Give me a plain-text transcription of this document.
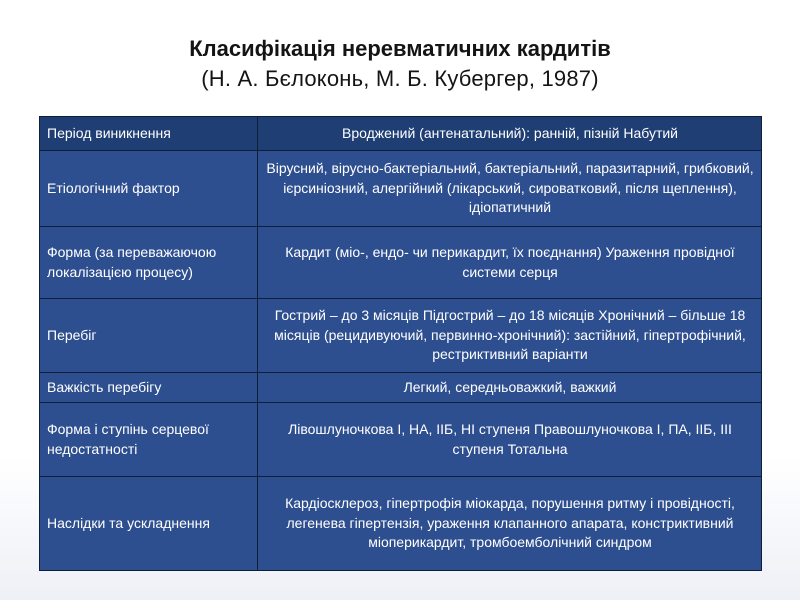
Класифікація неревматичних кардитів
(Н. А. Бєлоконь, М. Б. Кубергер, 1987)
Період виникнення	Вроджений (антенатальний): ранній, пізній Набутий
Етіологічний фактор	Вірусний, вірусно-бактеріальний, бактеріальний, паразитарний, грибковий, ієрсиніозний, алергійний (лікарський, сироватковий, після щеплення), ідіопатичний
Форма (за переважаючою локалізацією процесу)	Кардит (міо-, ендо- чи перикардит, їх поєднання) Ураження провідної системи серця
Перебіг	Гострий – до 3 місяців Підгострий – до 18 місяців Хронічний – більше 18 місяців (рецидивуючий, первинно-хронічний): застійний, гіпертрофічний, рестриктивний варіанти
Важкість перебігу	Легкий, середньоважкий, важкий
Форма і ступінь серцевої недостатності	Лівошлуночкова I, НА, IIБ, НІ ступеня Правошлуночкова I, ПА, IIБ, III ступеня Тотальна
Наслідки та ускладнення	Кардіосклероз, гіпертрофія міокарда, порушення ритму і провідності, легенева гіпертензія, ураження клапанного апарата, констриктивний міоперикардит, тромбоемболічний синдром
